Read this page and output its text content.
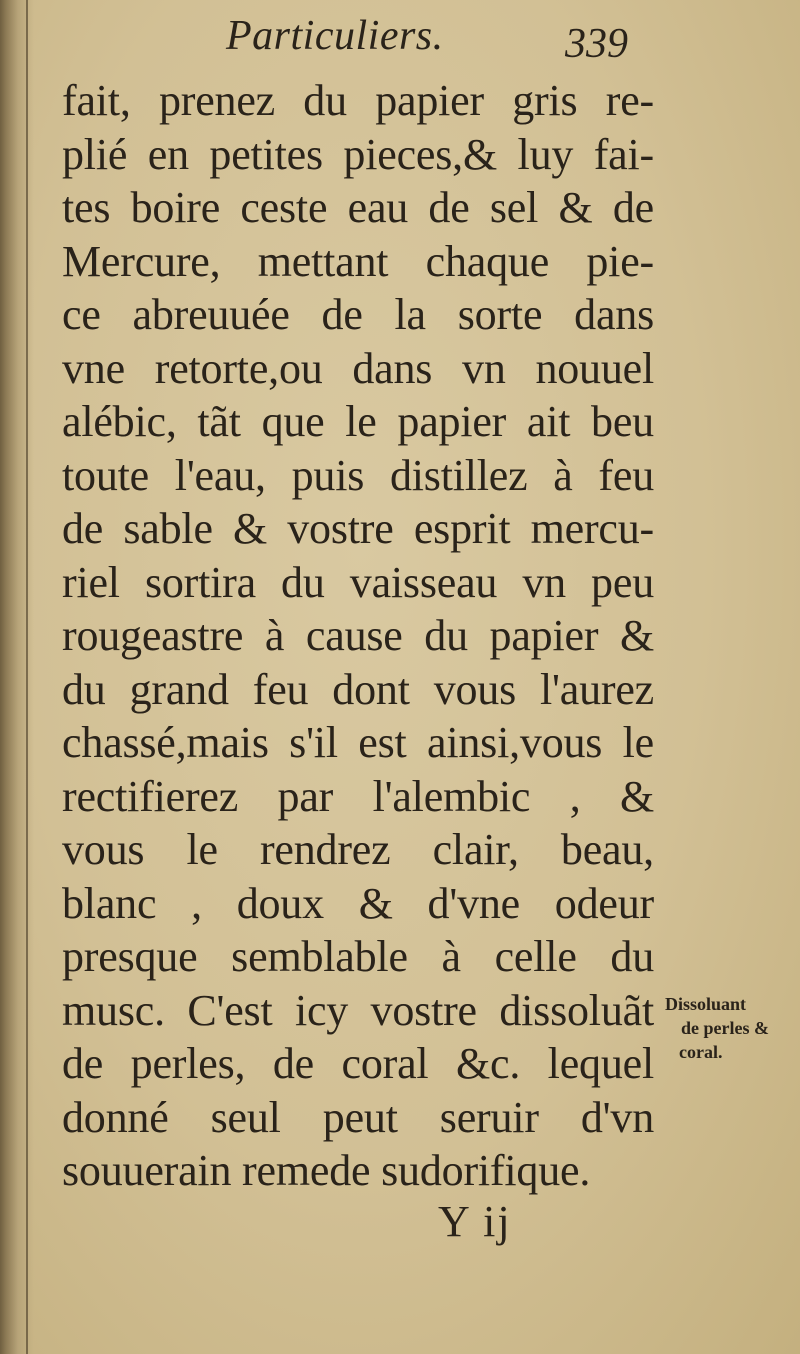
Particuliers.	339
fait, prenez du papier gris re-
plié en petites pieces,& luy fai-
tes boire ceste eau de sel & de
Mercure, mettant chaque pie-
ce abreuuée de la sorte dans
vne retorte,ou dans vn nouuel
alébic, tãt que le papier ait beu
toute l'eau, puis distillez à feu
de sable & vostre esprit mercu-
riel sortira du vaisseau vn peu
rougeastre à cause du papier &
du grand feu dont vous l'aurez
chassé,mais s'il est ainsi,vous le
rectifierez par l'alembic , &
vous le rendrez clair, beau,
blanc , doux & d'vne odeur
presque semblable à celle du
musc. C'est icy vostre dissoluãt
de perles, de coral &c. lequel
donné seul peut seruir d'vn
souuerain remede sudorifique.
Dissoluant
de perles &
coral.
Y ij
